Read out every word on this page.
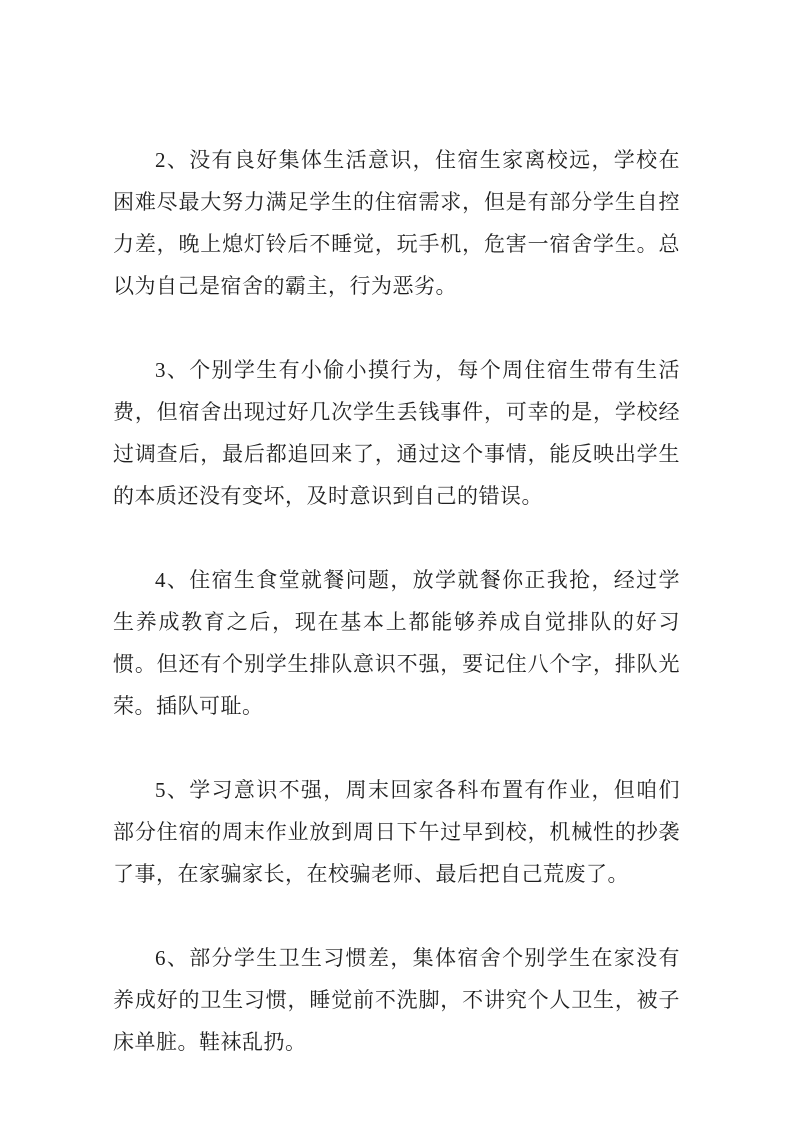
2、没有良好集体生活意识，住宿生家离校远，学校在困难尽最大努力满足学生的住宿需求，但是有部分学生自控力差，晚上熄灯铃后不睡觉，玩手机，危害一宿舍学生。总以为自己是宿舍的霸主，行为恶劣。

3、个别学生有小偷小摸行为，每个周住宿生带有生活费，但宿舍出现过好几次学生丢钱事件，可幸的是，学校经过调查后，最后都追回来了，通过这个事情，能反映出学生的本质还没有变坏，及时意识到自己的错误。

4、住宿生食堂就餐问题，放学就餐你正我抢，经过学生养成教育之后，现在基本上都能够养成自觉排队的好习惯。但还有个别学生排队意识不强，要记住八个字，排队光荣。插队可耻。

5、学习意识不强，周末回家各科布置有作业，但咱们部分住宿的周末作业放到周日下午过早到校，机械性的抄袭了事，在家骗家长，在校骗老师、最后把自己荒废了。

6、部分学生卫生习惯差，集体宿舍个别学生在家没有养成好的卫生习惯，睡觉前不洗脚，不讲究个人卫生，被子床单脏。鞋袜乱扔。
